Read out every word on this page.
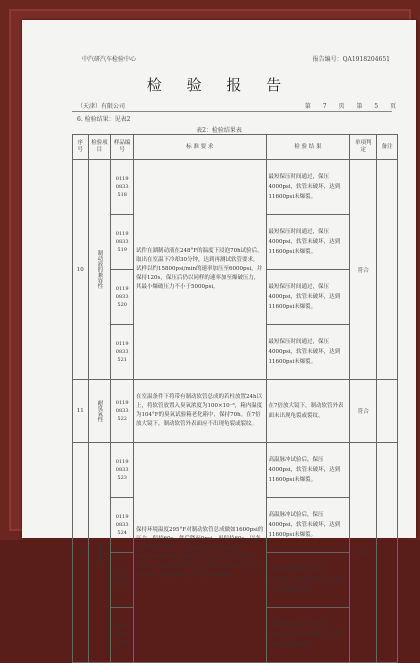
中汽研汽车检验中心	报告编号：QA1918204651
检 验 报 告
（天津）有限公司	第 7 页 第 5 页
6. 检验结果：见表2
表2：检验结果表
序号	检验项目	样品编号	标 准 要 求	检 验 结 果	单项判定	备注
10	制动液的兼容性	0119 0833 518	试件在湖制动液在248°F的温度下浸泡70h试验后，取出在室温下冷却30分钟，达到再测试软管要求，试样以约15800psi/min的速率加压至6000psi，并保持120s，保压后仍以同样的速率加至爆破压力，其最小爆破压力不小于5000psi。	最短保压时间通过，保压4000psi，软管未破坏，达到11600psi未爆裂。	符合	
		0119 0833 519		最短保压时间通过，保压4000psi，软管未破坏，达到11600psi未爆裂。		
		0119 0833 520		最短保压时间通过，保压4000psi，软管未破坏，达到11600psi未爆裂。		
		0119 0833 521		最短保压时间通过，保压4000psi，软管未破坏，达到11600psi未爆裂。		
11	耐臭氧性	0119 0833 522	在室温条件下将带有制动软管总成的若柱放置24h以上，将软管放置入臭氧浓度为100×10⁻⁸，箱内温度为104°F的臭氧试验箱老化箱中，保持70h。在7倍放大镜下，制动软管外表面应不出现龟裂或裂纹。	在7倍放大镜下，制动软管外表面未出现龟裂或裂纹。	符合	
12	高温脉冲	0119 0833 523	保持环境温度295°F对制动软管总成做如1600psi的压力，保持60s，然后降至0psi，再保持60s，以各2s内把到同频压力（从0psi到1600psi或从1600psi到0psi），制动软管总成应经历压力循环150次，高温脉冲试验后，试件以4000psi的压力保持120s，最小爆破压力不小于5000psi。	高温脉冲试验后，保压4000psi，软管未破坏，达到11600psi未爆裂。	符合	
		0119 0833 524		高温脉冲试验后，保压4000psi，软管未破坏，达到11600psi未爆裂。		
		0119 0833 525		高温脉冲试验后，保压4000psi，软管未破坏，达到11600psi未爆裂。		
		0119 0833 526		高温脉冲试验后，保压4000psi，软管未破坏，达到11600psi未爆裂。		
